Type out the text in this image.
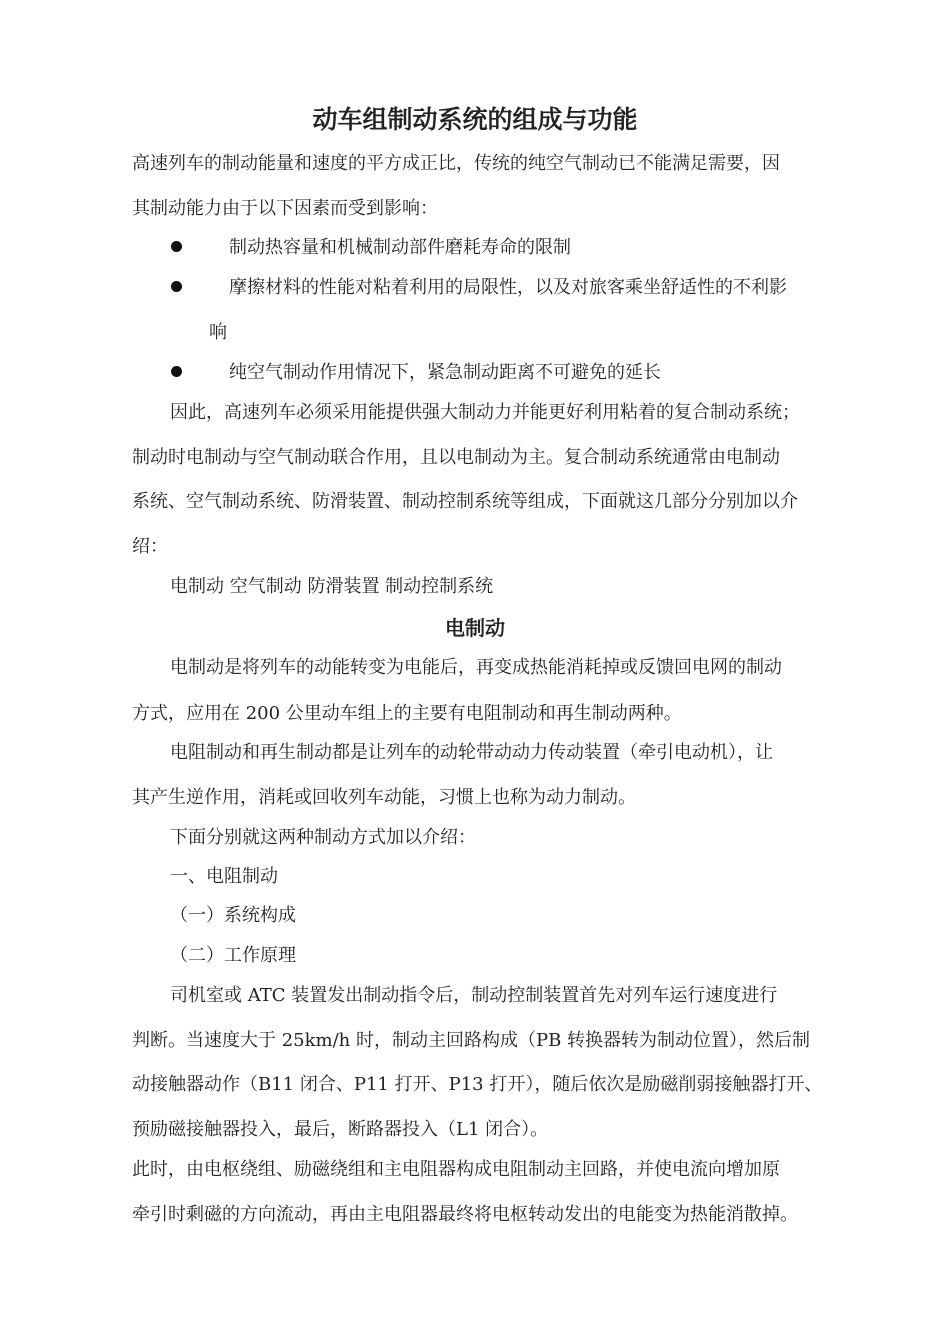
动车组制动系统的组成与功能
高速列车的制动能量和速度的平方成正比，传统的纯空气制动已不能满足需要，因
其制动能力由于以下因素而受到影响：
制动热容量和机械制动部件磨耗寿命的限制
摩擦材料的性能对粘着利用的局限性，以及对旅客乘坐舒适性的不利影
响
纯空气制动作用情况下，紧急制动距离不可避免的延长
因此，高速列车必须采用能提供强大制动力并能更好利用粘着的复合制动系统；
制动时电制动与空气制动联合作用，且以电制动为主。复合制动系统通常由电制动
系统、空气制动系统、防滑装置、制动控制系统等组成，下面就这几部分分别加以介
绍：
电制动 空气制动 防滑装置 制动控制系统
电制动
电制动是将列车的动能转变为电能后，再变成热能消耗掉或反馈回电网的制动
方式，应用在 200 公里动车组上的主要有电阻制动和再生制动两种。
电阻制动和再生制动都是让列车的动轮带动动力传动装置（牵引电动机），让
其产生逆作用，消耗或回收列车动能，习惯上也称为动力制动。
下面分别就这两种制动方式加以介绍：
一、电阻制动
（一）系统构成
（二）工作原理
司机室或 ATC 装置发出制动指令后，制动控制装置首先对列车运行速度进行
判断。当速度大于 25km/h 时，制动主回路构成（PB 转换器转为制动位置），然后制
动接触器动作（B11 闭合、P11 打开、P13 打开），随后依次是励磁削弱接触器打开、
预励磁接触器投入，最后，断路器投入（L1 闭合）。
此时，由电枢绕组、励磁绕组和主电阻器构成电阻制动主回路，并使电流向增加原
牵引时剩磁的方向流动，再由主电阻器最终将电枢转动发出的电能变为热能消散掉。
